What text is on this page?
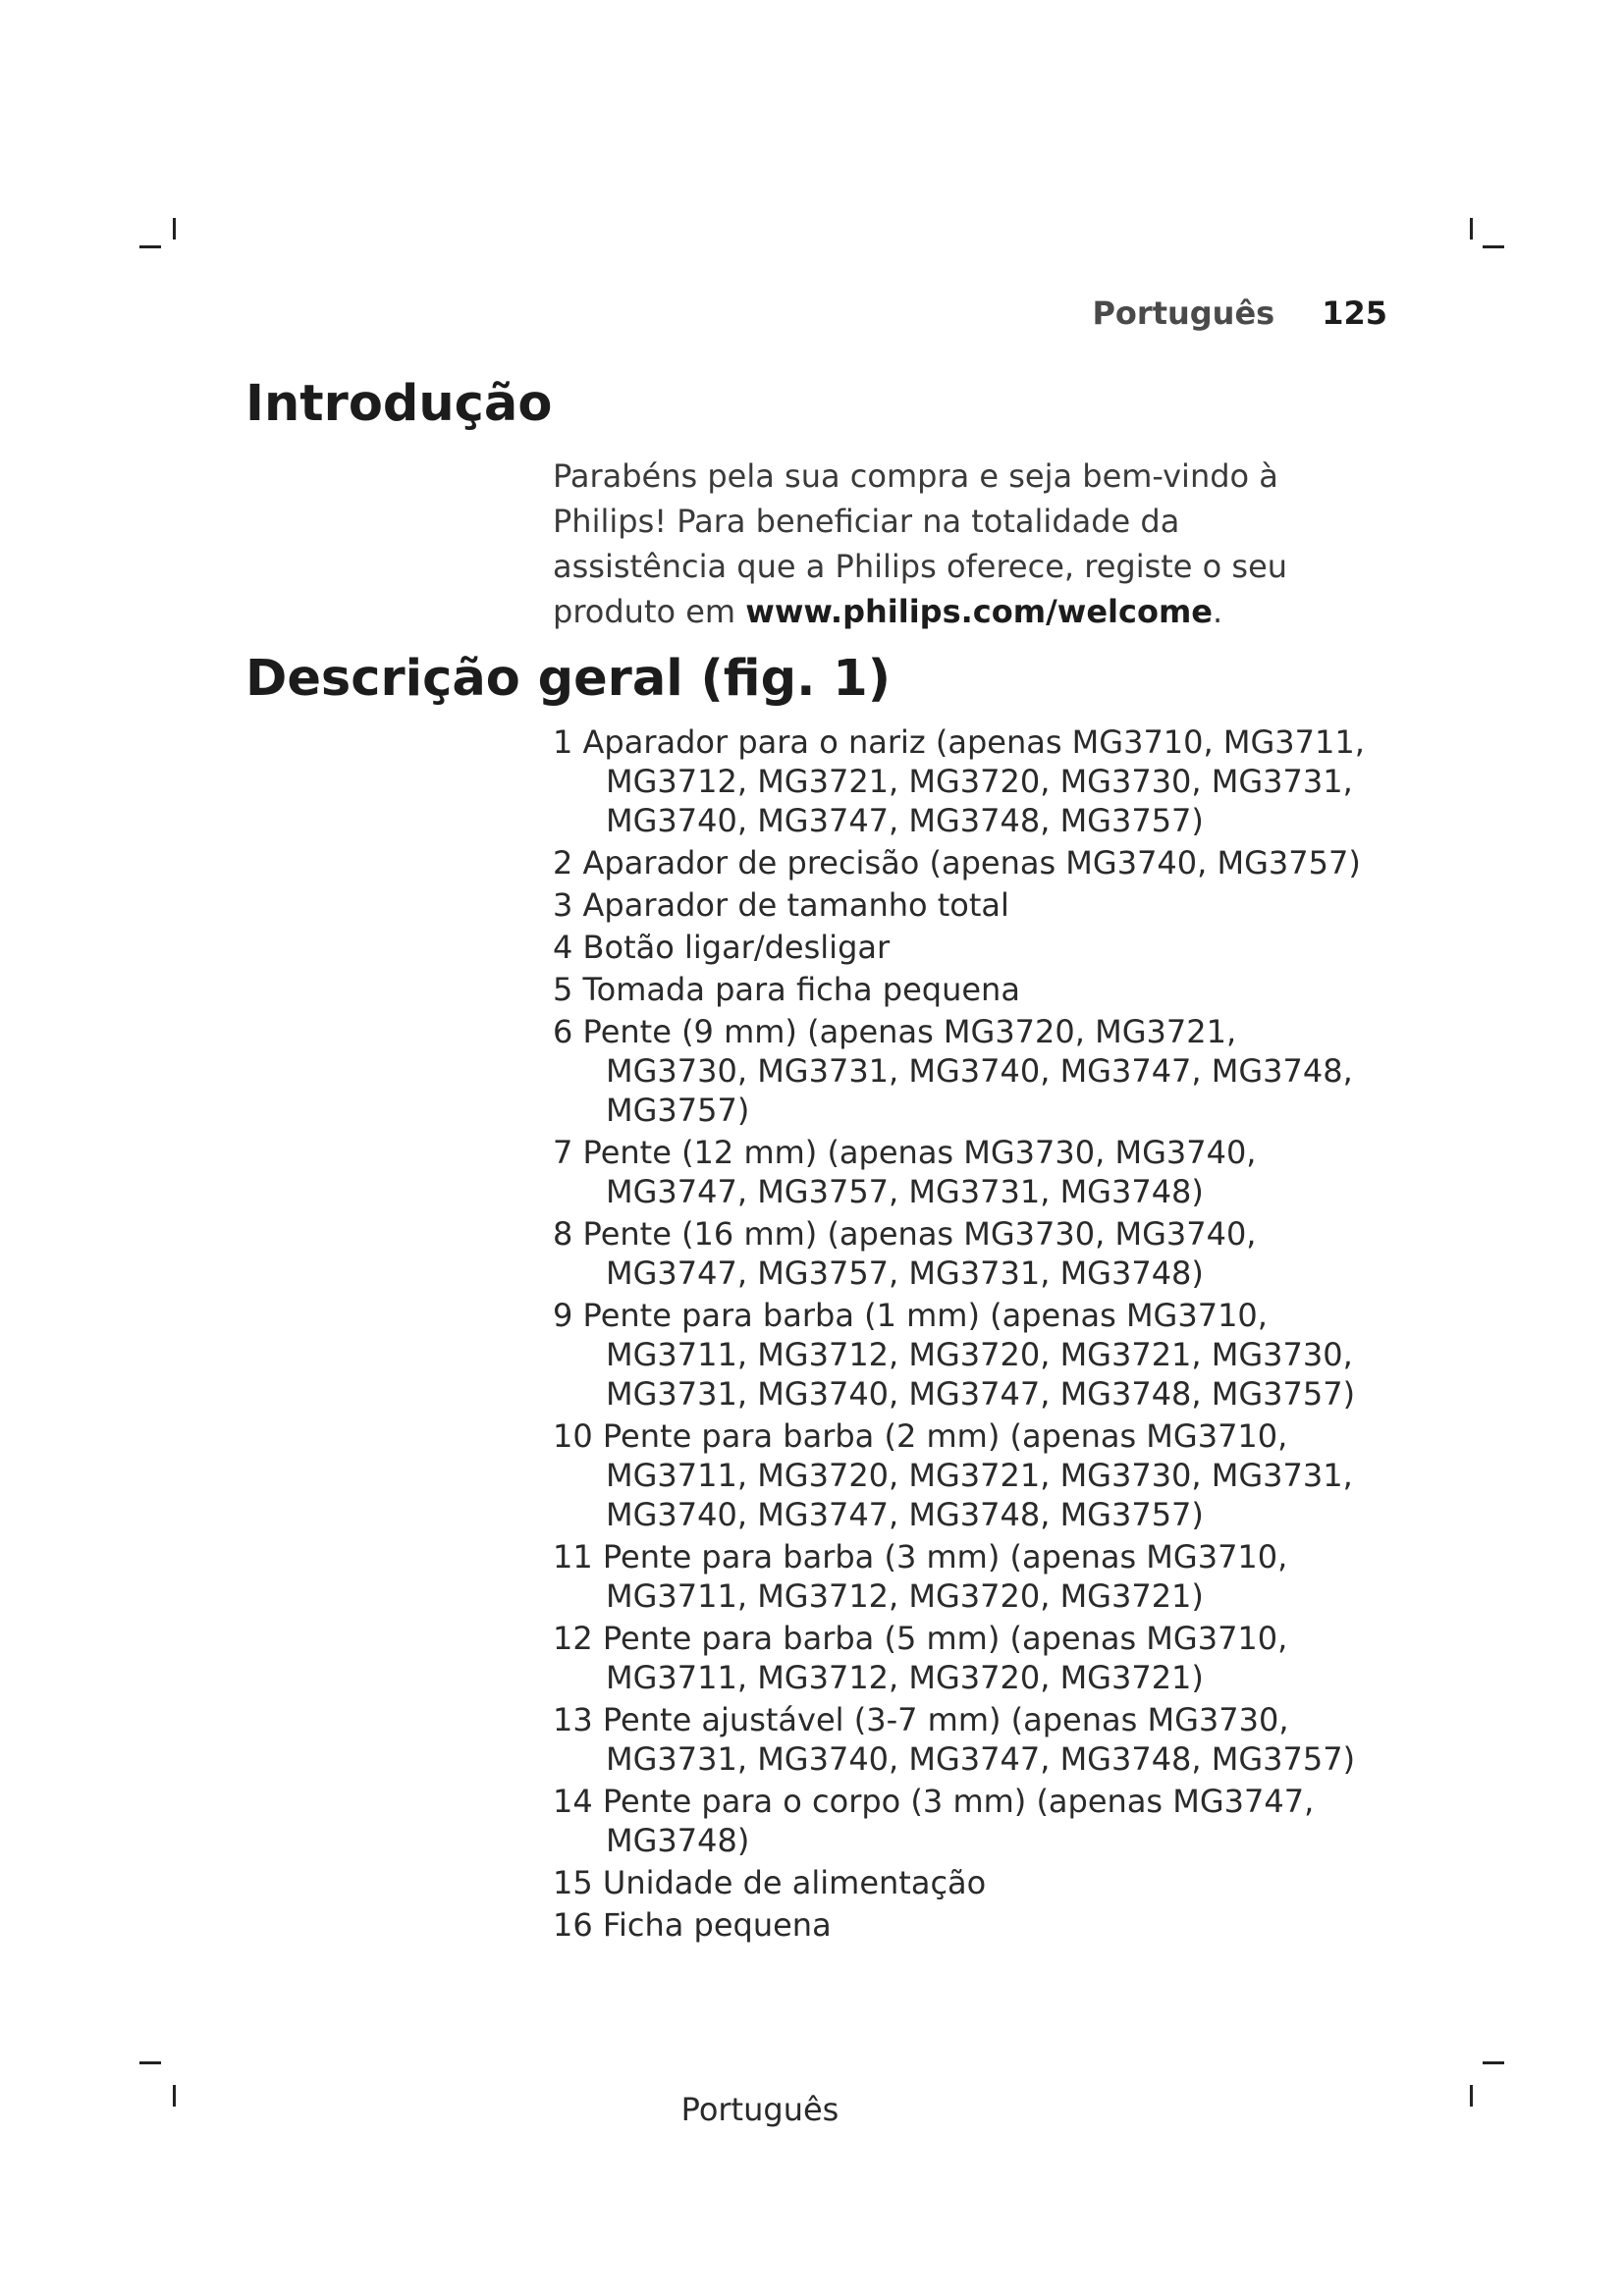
Português 125
Introdução

Parabéns pela sua compra e seja bem-vindo à Philips! Para beneficiar na totalidade da assistência que a Philips oferece, registe o seu produto em www.philips.com/welcome.

Descrição geral (fig. 1)
1 Aparador para o nariz (apenas MG3710, MG3711, MG3712, MG3721, MG3720, MG3730, MG3731, MG3740, MG3747, MG3748, MG3757)
2 Aparador de precisão (apenas MG3740, MG3757)
3 Aparador de tamanho total
4 Botão ligar/desligar
5 Tomada para ficha pequena
6 Pente (9 mm) (apenas MG3720, MG3721, MG3730, MG3731, MG3740, MG3747, MG3748, MG3757)
7 Pente (12 mm) (apenas MG3730, MG3740, MG3747, MG3757, MG3731, MG3748)
8 Pente (16 mm) (apenas MG3730, MG3740, MG3747, MG3757, MG3731, MG3748)
9 Pente para barba (1 mm) (apenas MG3710, MG3711, MG3712, MG3720, MG3721, MG3730, MG3731, MG3740, MG3747, MG3748, MG3757)
10 Pente para barba (2 mm) (apenas MG3710, MG3711, MG3720, MG3721, MG3730, MG3731, MG3740, MG3747, MG3748, MG3757)
11 Pente para barba (3 mm) (apenas MG3710, MG3711, MG3712, MG3720, MG3721)
12 Pente para barba (5 mm) (apenas MG3710, MG3711, MG3712, MG3720, MG3721)
13 Pente ajustável (3-7 mm) (apenas MG3730, MG3731, MG3740, MG3747, MG3748, MG3757)
14 Pente para o corpo (3 mm) (apenas MG3747, MG3748)
15 Unidade de alimentação
16 Ficha pequena
Português
